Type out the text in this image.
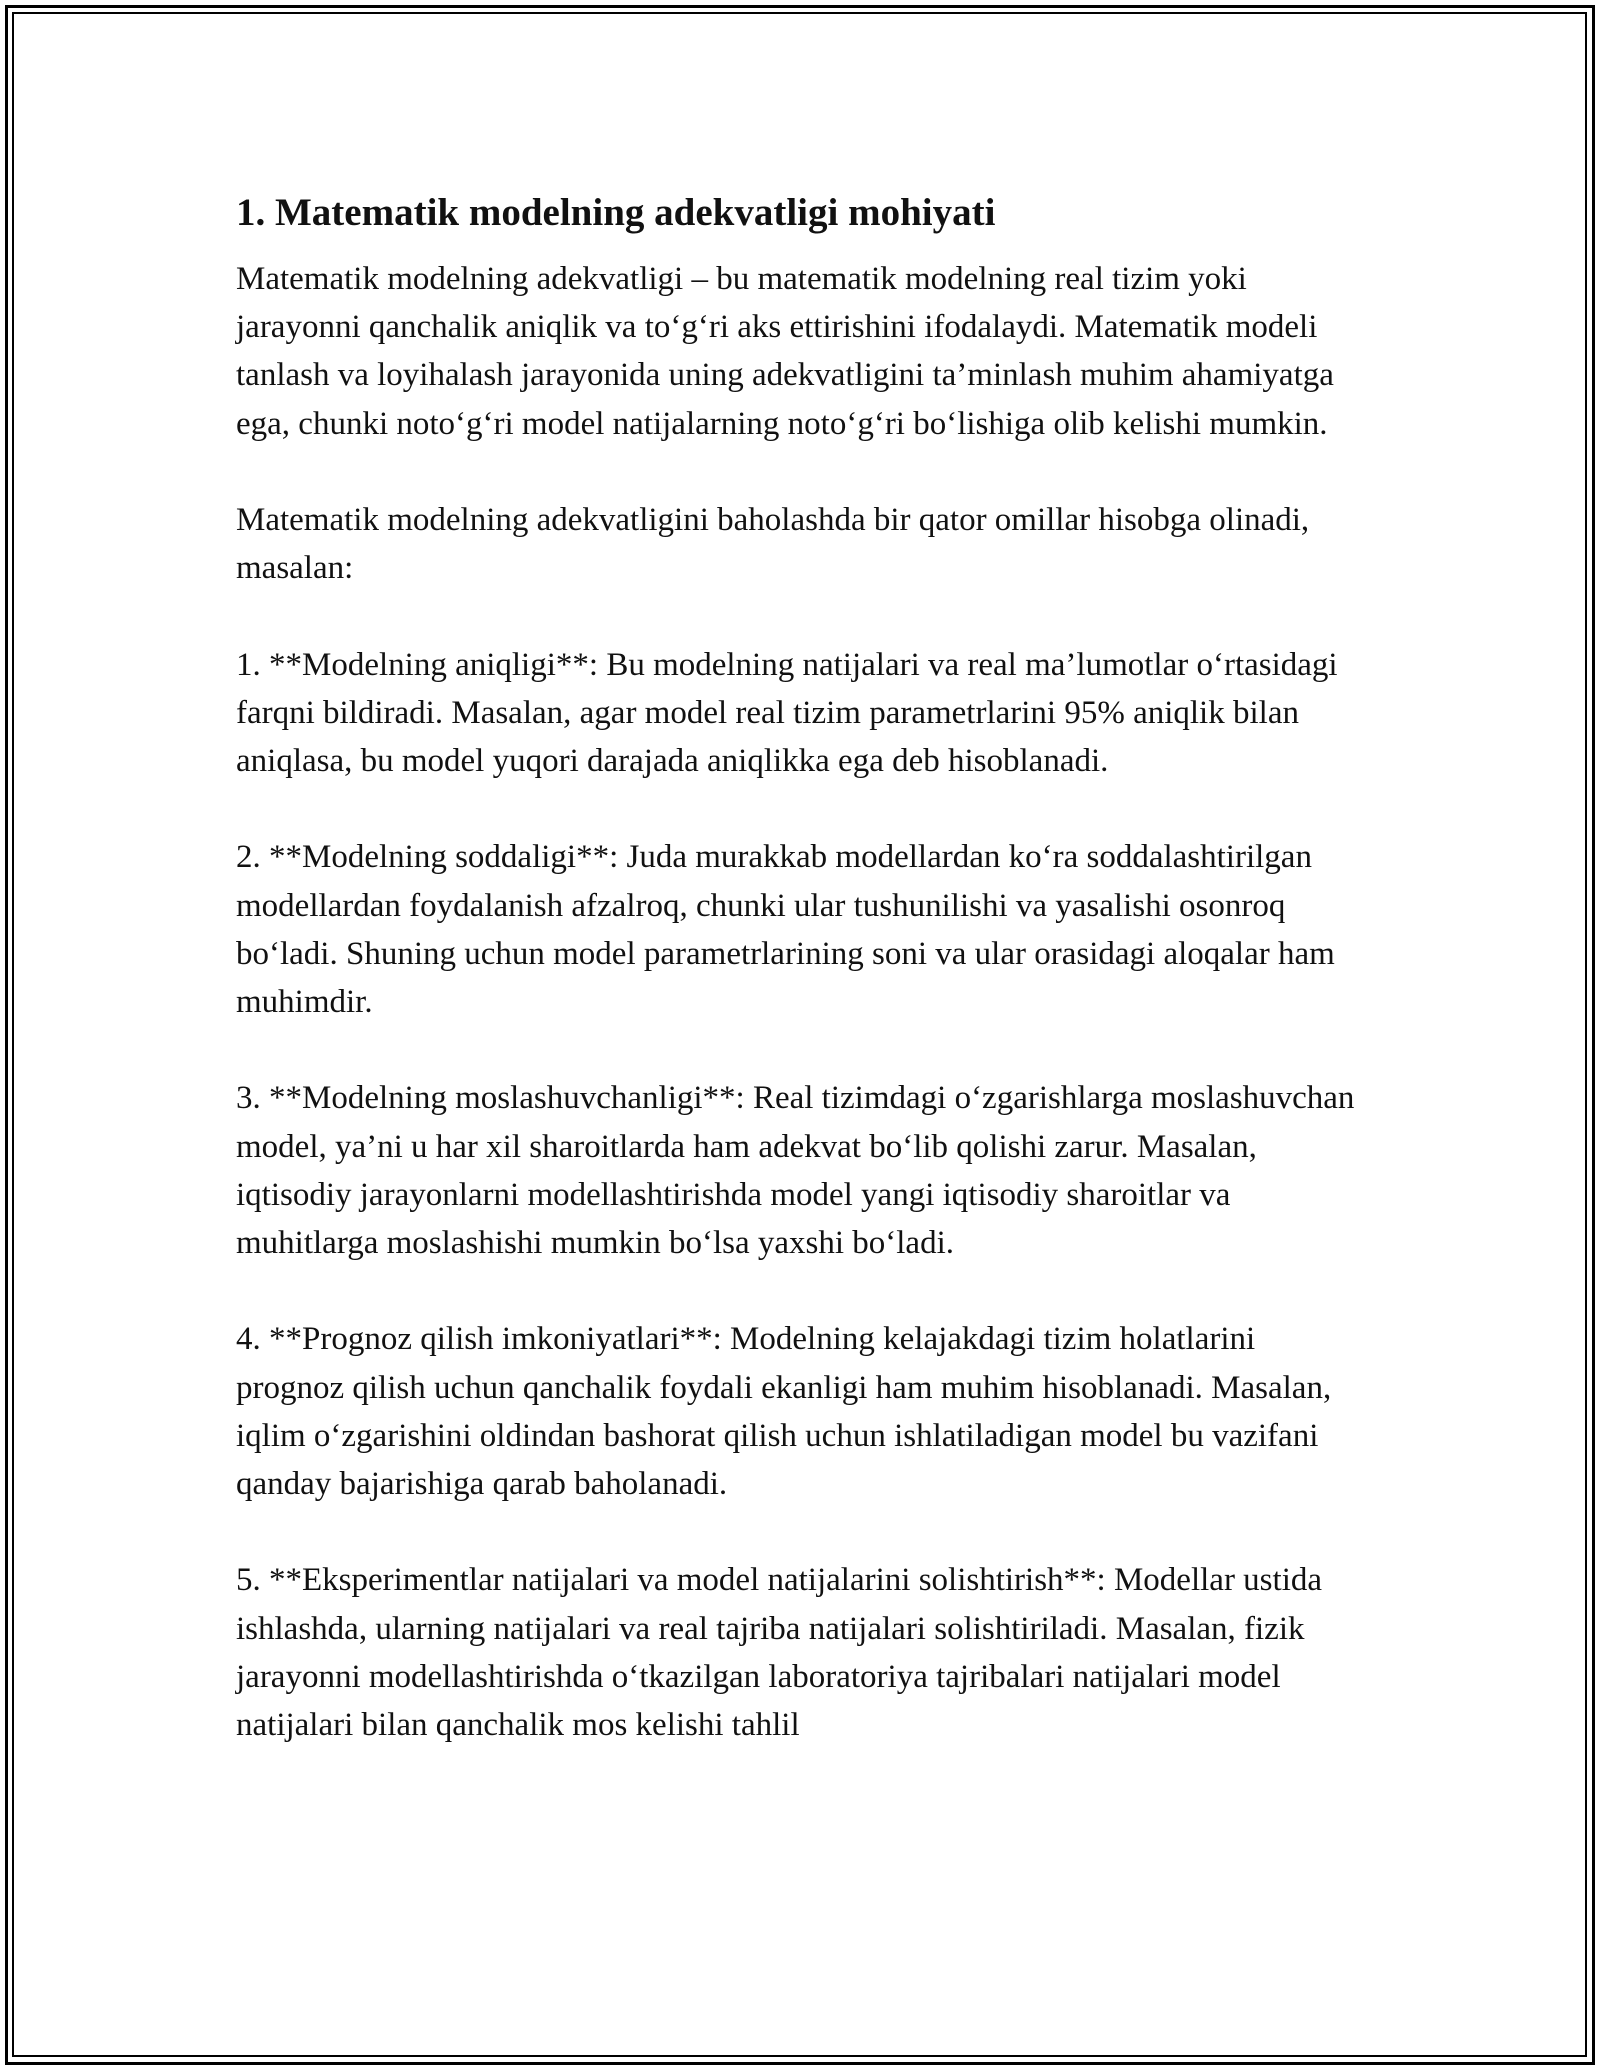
1. Matematik modelning adekvatligi mohiyati

Matematik modelning adekvatligi – bu matematik modelning real tizim yoki jarayonni qanchalik aniqlik va to‘g‘ri aks ettirishini ifodalaydi. Matematik modeli tanlash va loyihalash jarayonida uning adekvatligini ta’minlash muhim ahamiyatga ega, chunki noto‘g‘ri model natijalarning noto‘g‘ri bo‘lishiga olib kelishi mumkin.

Matematik modelning adekvatligini baholashda bir qator omillar hisobga olinadi, masalan:

1. **Modelning aniqligi**: Bu modelning natijalari va real ma’lumotlar o‘rtasidagi farqni bildiradi. Masalan, agar model real tizim parametrlarini 95% aniqlik bilan aniqlasa, bu model yuqori darajada aniqlikka ega deb hisoblanadi.

2. **Modelning soddaligi**: Juda murakkab modellardan ko‘ra soddalashtirilgan modellardan foydalanish afzalroq, chunki ular tushunilishi va yasalishi osonroq bo‘ladi. Shuning uchun model parametrlarining soni va ular orasidagi aloqalar ham muhimdir.

3. **Modelning moslashuvchanligi**: Real tizimdagi o‘zgarishlarga moslashuvchan model, ya’ni u har xil sharoitlarda ham adekvat bo‘lib qolishi zarur. Masalan, iqtisodiy jarayonlarni modellashtirishda model yangi iqtisodiy sharoitlar va muhitlarga moslashishi mumkin bo‘lsa yaxshi bo‘ladi.

4. **Prognoz qilish imkoniyatlari**: Modelning kelajakdagi tizim holatlarini prognoz qilish uchun qanchalik foydali ekanligi ham muhim hisoblanadi. Masalan, iqlim o‘zgarishini oldindan bashorat qilish uchun ishlatiladigan model bu vazifani qanday bajarishiga qarab baholanadi.

5. **Eksperimentlar natijalari va model natijalarini solishtirish**: Modellar ustida ishlashda, ularning natijalari va real tajriba natijalari solishtiriladi. Masalan, fizik jarayonni modellashtirishda o‘tkazilgan laboratoriya tajribalari natijalari model natijalari bilan qanchalik mos kelishi tahlil
